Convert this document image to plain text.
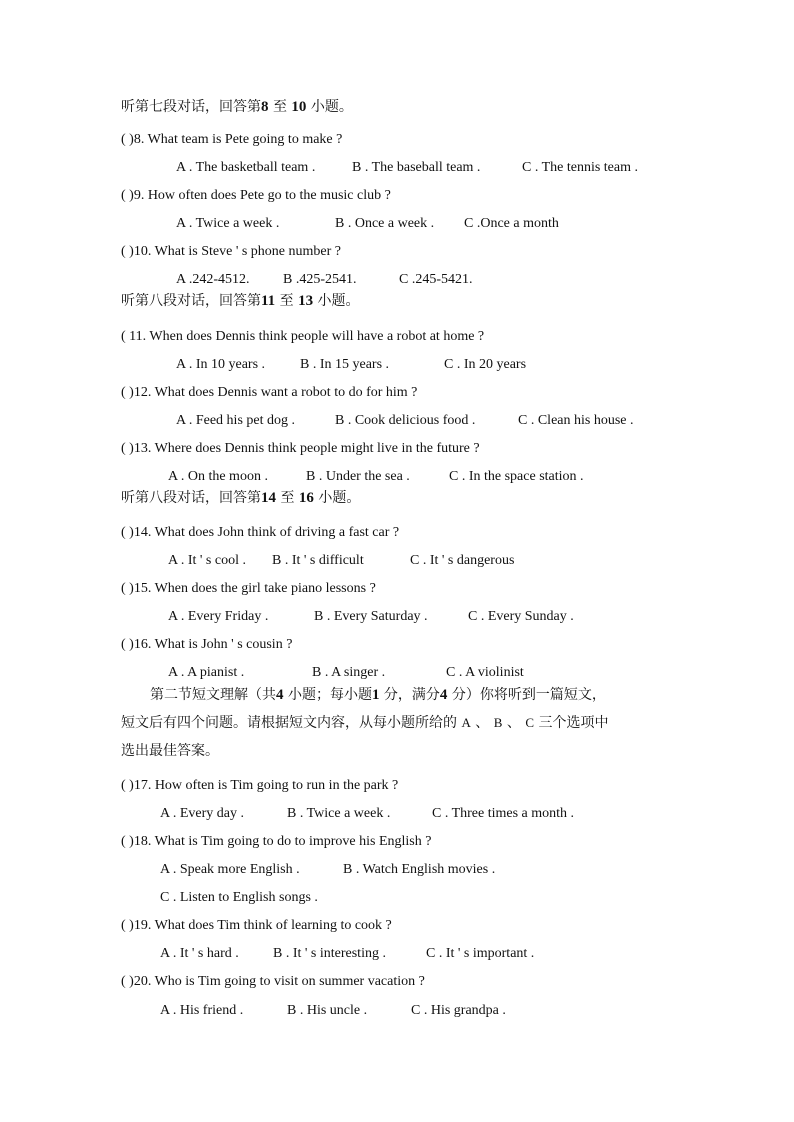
听第七段对话，回答第8 至 10 小题。
( )8. What team is Pete going to make ?
A . The basketball team .	B . The baseball team .	C . The tennis team .
( )9. How often does Pete go to the music club ?
A . Twice a week .	B . Once a week . C .Once a month
( )10. What is Steve ' s phone number ?
A .242-4512. B .425-2541.	C .245-5421.
听第八段对话，回答第11 至 13 小题。
( 11. When does Dennis think people will have a robot at home ?
A . In 10 years . B . In 15 years .	C . In 20 years
( )12. What does Dennis want a robot to do for him ?
A . Feed his pet dog .	B . Cook delicious food .	C . Clean his house .
( )13. Where does Dennis think people might live in the future ?
A . On the moon .	B . Under the sea .	C . In the space station .
听第八段对话，回答第14 至 16 小题。
( )14. What does John think of driving a fast car ?
A . It ' s cool . B . It ' s difficult	C . It ' s dangerous
( )15. When does the girl take piano lessons ?
A . Every Friday .	B . Every Saturday .	C . Every Sunday .
( )16. What is John ' s cousin ?
A . A pianist .	B . A singer .	C . A violinist
第二节短文理解（共4 小题；每小题1 分，满分4 分）你将听到一篇短文，
短文后有四个问题。请根据短文内容，从每小题所给的 A 、 B 、 C 三个选项中
选出最佳答案。
( )17. How often is Tim going to run in the park ?
A . Every day .	B . Twice a week .	C . Three times a month .
( )18. What is Tim going to do to improve his English ?
A . Speak more English .	B . Watch English movies .
C . Listen to English songs .
( )19. What does Tim think of learning to cook ?
A . It ' s hard . B . It ' s interesting .	C . It ' s important .
( )20. Who is Tim going to visit on summer vacation ?
A . His friend .	B . His uncle .	C . His grandpa .
